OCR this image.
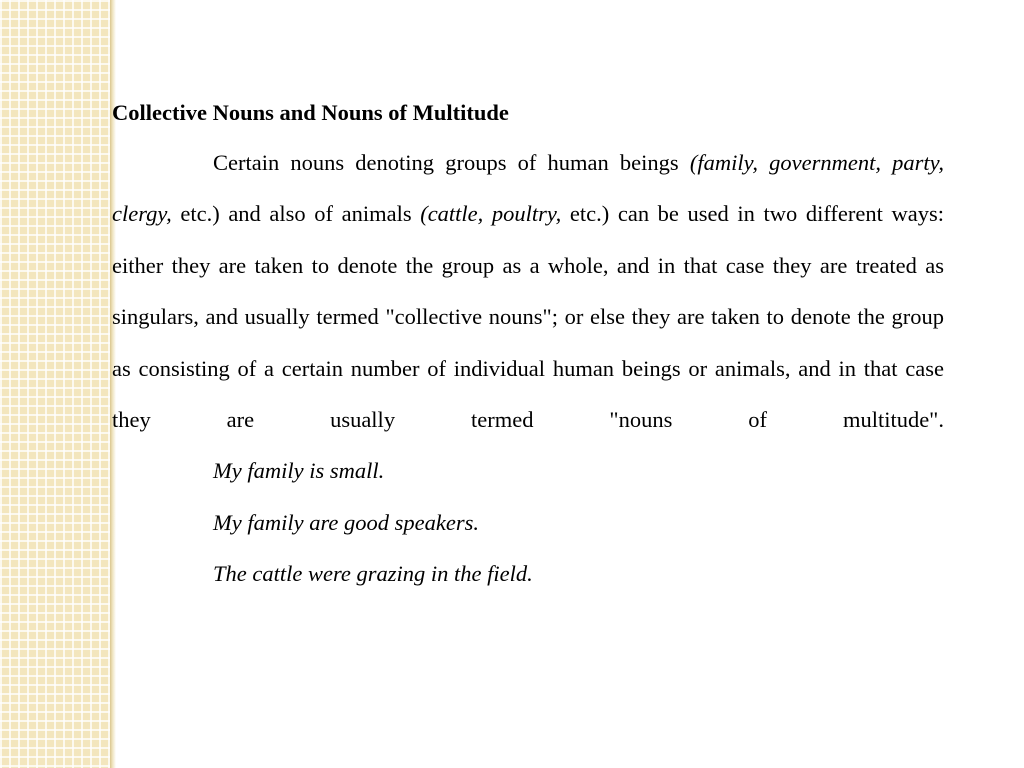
Collective Nouns and Nouns of Multitude

Certain nouns denoting groups of human beings (family, government, party, clergy, etc.) and also of animals (cattle, poultry, etc.) can be used in two different ways: either they are taken to denote the group as a whole, and in that case they are treated as singulars, and usually termed "collective nouns"; or else they are taken to denote the group as consisting of a certain number of individual human beings or animals, and in that case they are usually termed "nouns of multitude".

My family is small.

My family are good speakers.

The cattle were grazing in the field.
